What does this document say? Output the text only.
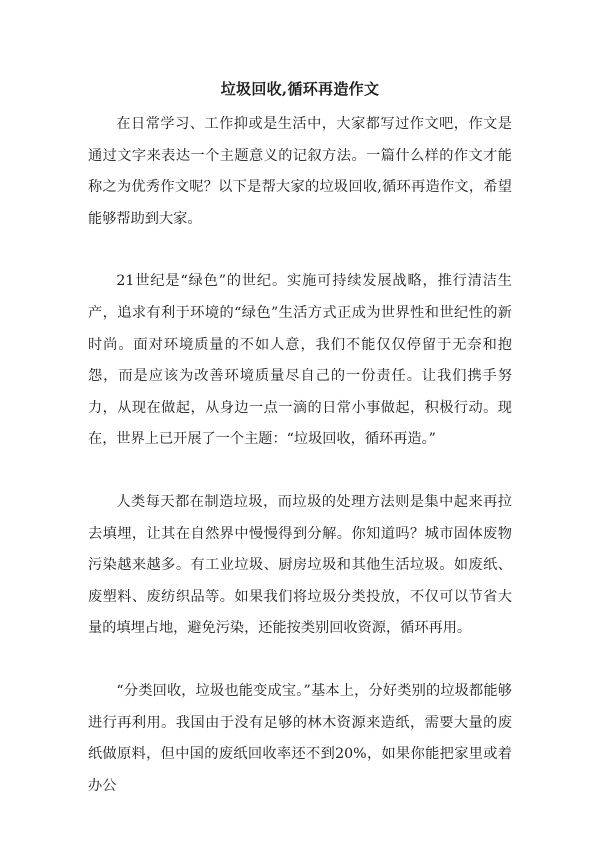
垃圾回收,循环再造作文

在日常学习、工作抑或是生活中，大家都写过作文吧，作文是通过文字来表达一个主题意义的记叙方法。一篇什么样的作文才能称之为优秀作文呢？以下是帮大家的垃圾回收,循环再造作文，希望能够帮助到大家。

21世纪是“绿色”的世纪。实施可持续发展战略，推行清洁生产，追求有利于环境的“绿色”生活方式正成为世界性和世纪性的新时尚。面对环境质量的不如人意，我们不能仅仅停留于无奈和抱怨，而是应该为改善环境质量尽自己的一份责任。让我们携手努力，从现在做起，从身边一点一滴的日常小事做起，积极行动。现在，世界上已开展了一个主题：“垃圾回收，循环再造。”

人类每天都在制造垃圾，而垃圾的处理方法则是集中起来再拉去填埋，让其在自然界中慢慢得到分解。你知道吗？城市固体废物污染越来越多。有工业垃圾、厨房垃圾和其他生活垃圾。如废纸、废塑料、废纺织品等。如果我们将垃圾分类投放，不仅可以节省大量的填埋占地，避免污染，还能按类别回收资源，循环再用。

“分类回收，垃圾也能变成宝。”基本上，分好类别的垃圾都能够进行再利用。我国由于没有足够的林木资源来造纸，需要大量的废纸做原料，但中国的废纸回收率还不到20%，如果你能把家里或着办公
